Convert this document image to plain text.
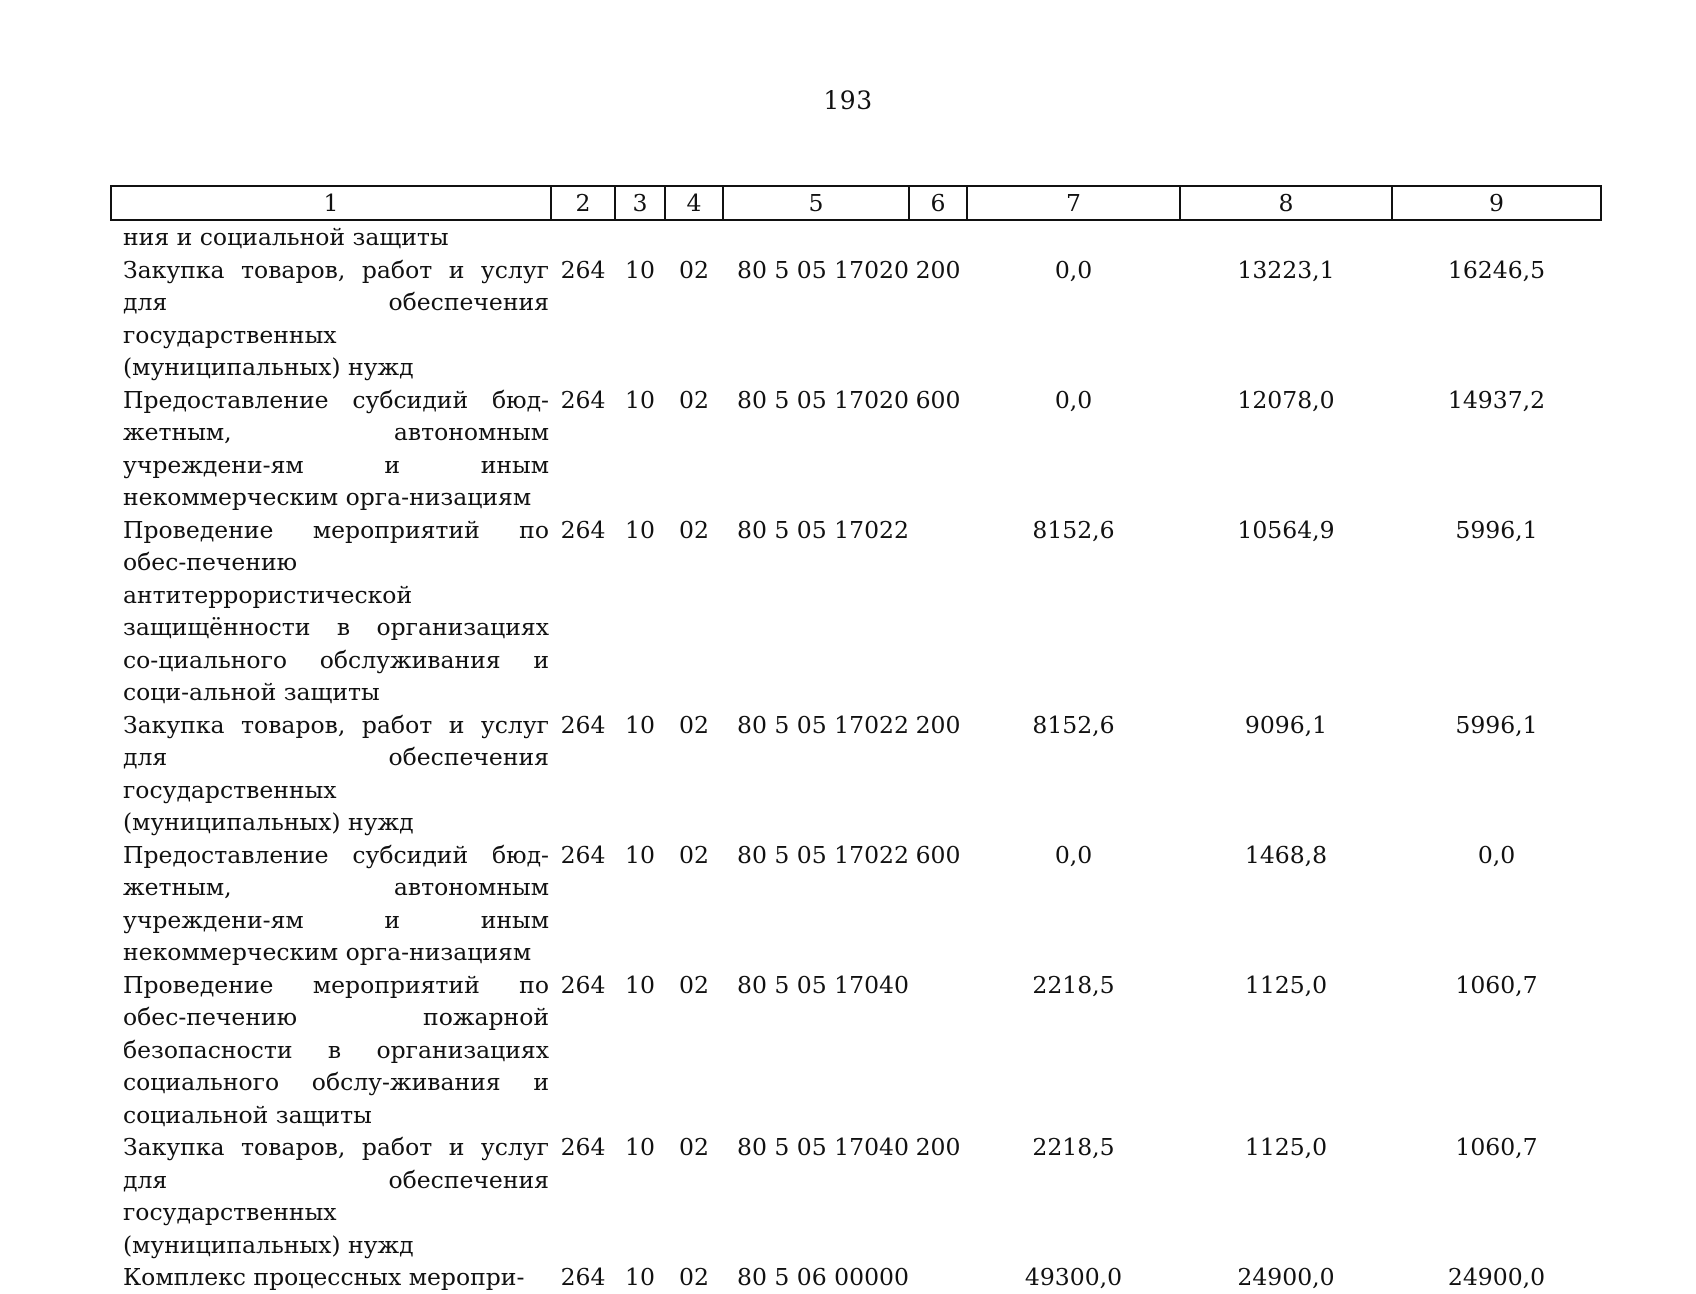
193
1	2	3	4	5	6	7	8	9
ния и социальной защиты								
Закупка товаров, работ и услуг для обеспечения государственных (муниципальных) нужд	264	10	02	80 5 05 17020	200	0,0	13223,1	16246,5
Предоставление субсидий бюд-жетным, автономным учреждени-ям и иным некоммерческим орга-низациям	264	10	02	80 5 05 17020	600	0,0	12078,0	14937,2
Проведение мероприятий по обес-печению антитеррористической защищённости в организациях со-циального обслуживания и соци-альной защиты	264	10	02	80 5 05 17022		8152,6	10564,9	5996,1
Закупка товаров, работ и услуг для обеспечения государственных (муниципальных) нужд	264	10	02	80 5 05 17022	200	8152,6	9096,1	5996,1
Предоставление субсидий бюд-жетным, автономным учреждени-ям и иным некоммерческим орга-низациям	264	10	02	80 5 05 17022	600	0,0	1468,8	0,0
Проведение мероприятий по обес-печению пожарной безопасности в организациях социального обслу-живания и социальной защиты	264	10	02	80 5 05 17040		2218,5	1125,0	1060,7
Закупка товаров, работ и услуг для обеспечения государственных (муниципальных) нужд	264	10	02	80 5 05 17040	200	2218,5	1125,0	1060,7
Комплекс процессных меропри-	264	10	02	80 5 06 00000		49300,0	24900,0	24900,0
